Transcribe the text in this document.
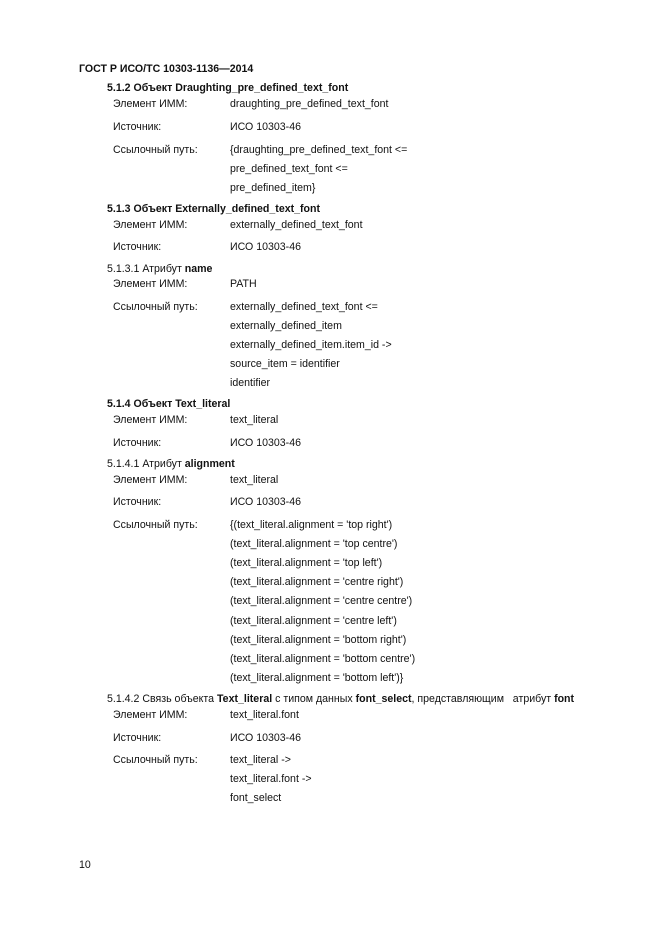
ГОСТ Р ИСО/ТС 10303-1136—2014
5.1.2 Объект Draughting_pre_defined_text_font
Элемент ИММ:	draughting_pre_defined_text_font
Источник:	ИСО 10303-46
Ссылочный путь:	{draughting_pre_defined_text_font <=
pre_defined_text_font <=
pre_defined_item}
5.1.3 Объект Externally_defined_text_font
Элемент ИММ:	externally_defined_text_font
Источник:	ИСО 10303-46
5.1.3.1 Атрибут name
Элемент ИММ:	PATH
Ссылочный путь:	externally_defined_text_font <=
externally_defined_item
externally_defined_item.item_id ->
source_item = identifier
identifier
5.1.4 Объект Text_literal
Элемент ИММ:	text_literal
Источник:	ИСО 10303-46
5.1.4.1 Атрибут alignment
Элемент ИММ:	text_literal
Источник:	ИСО 10303-46
Ссылочный путь:	{(text_literal.alignment = 'top right')
(text_literal.alignment = 'top centre')
(text_literal.alignment = 'top left')
(text_literal.alignment = 'centre right')
(text_literal.alignment = 'centre centre')
(text_literal.alignment = 'centre left')
(text_literal.alignment = 'bottom right')
(text_literal.alignment = 'bottom centre')
(text_literal.alignment = 'bottom left')}
5.1.4.2 Связь объекта Text_literal с типом данных font_select, представляющим   атрибут font
Элемент ИММ:	text_literal.font
Источник:	ИСО 10303-46
Ссылочный путь:	text_literal ->
text_literal.font ->
font_select
10
